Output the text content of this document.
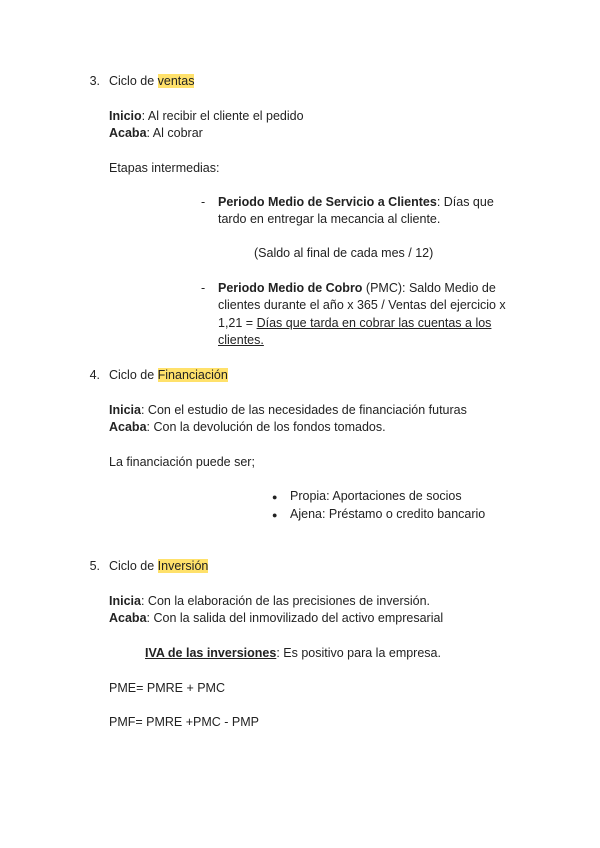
3. Ciclo de ventas
Inicio: Al recibir el cliente el pedido
Acaba: Al cobrar
Etapas intermedias:
- Periodo Medio de Servicio a Clientes: Días que
tardo en entregar la mecancia al cliente.
(Saldo al final de cada mes / 12)
- Periodo Medio de Cobro (PMC): Saldo Medio de
clientes durante el año x 365 / Ventas del ejercicio x
1,21 = Días que tarda en cobrar las cuentas a los
clientes.
4. Ciclo de Financiación
Inicia: Con el estudio de las necesidades de financiación futuras
Acaba: Con la devolución de los fondos tomados.
La financiación puede ser;
● Propia: Aportaciones de socios
● Ajena: Préstamo o credito bancario
5. Ciclo de Inversión
Inicia: Con la elaboración de las precisiones de inversión.
Acaba: Con la salida del inmovilizado del activo empresarial
IVA de las inversiones: Es positivo para la empresa.
PME= PMRE + PMC
PMF= PMRE +PMC - PMP
